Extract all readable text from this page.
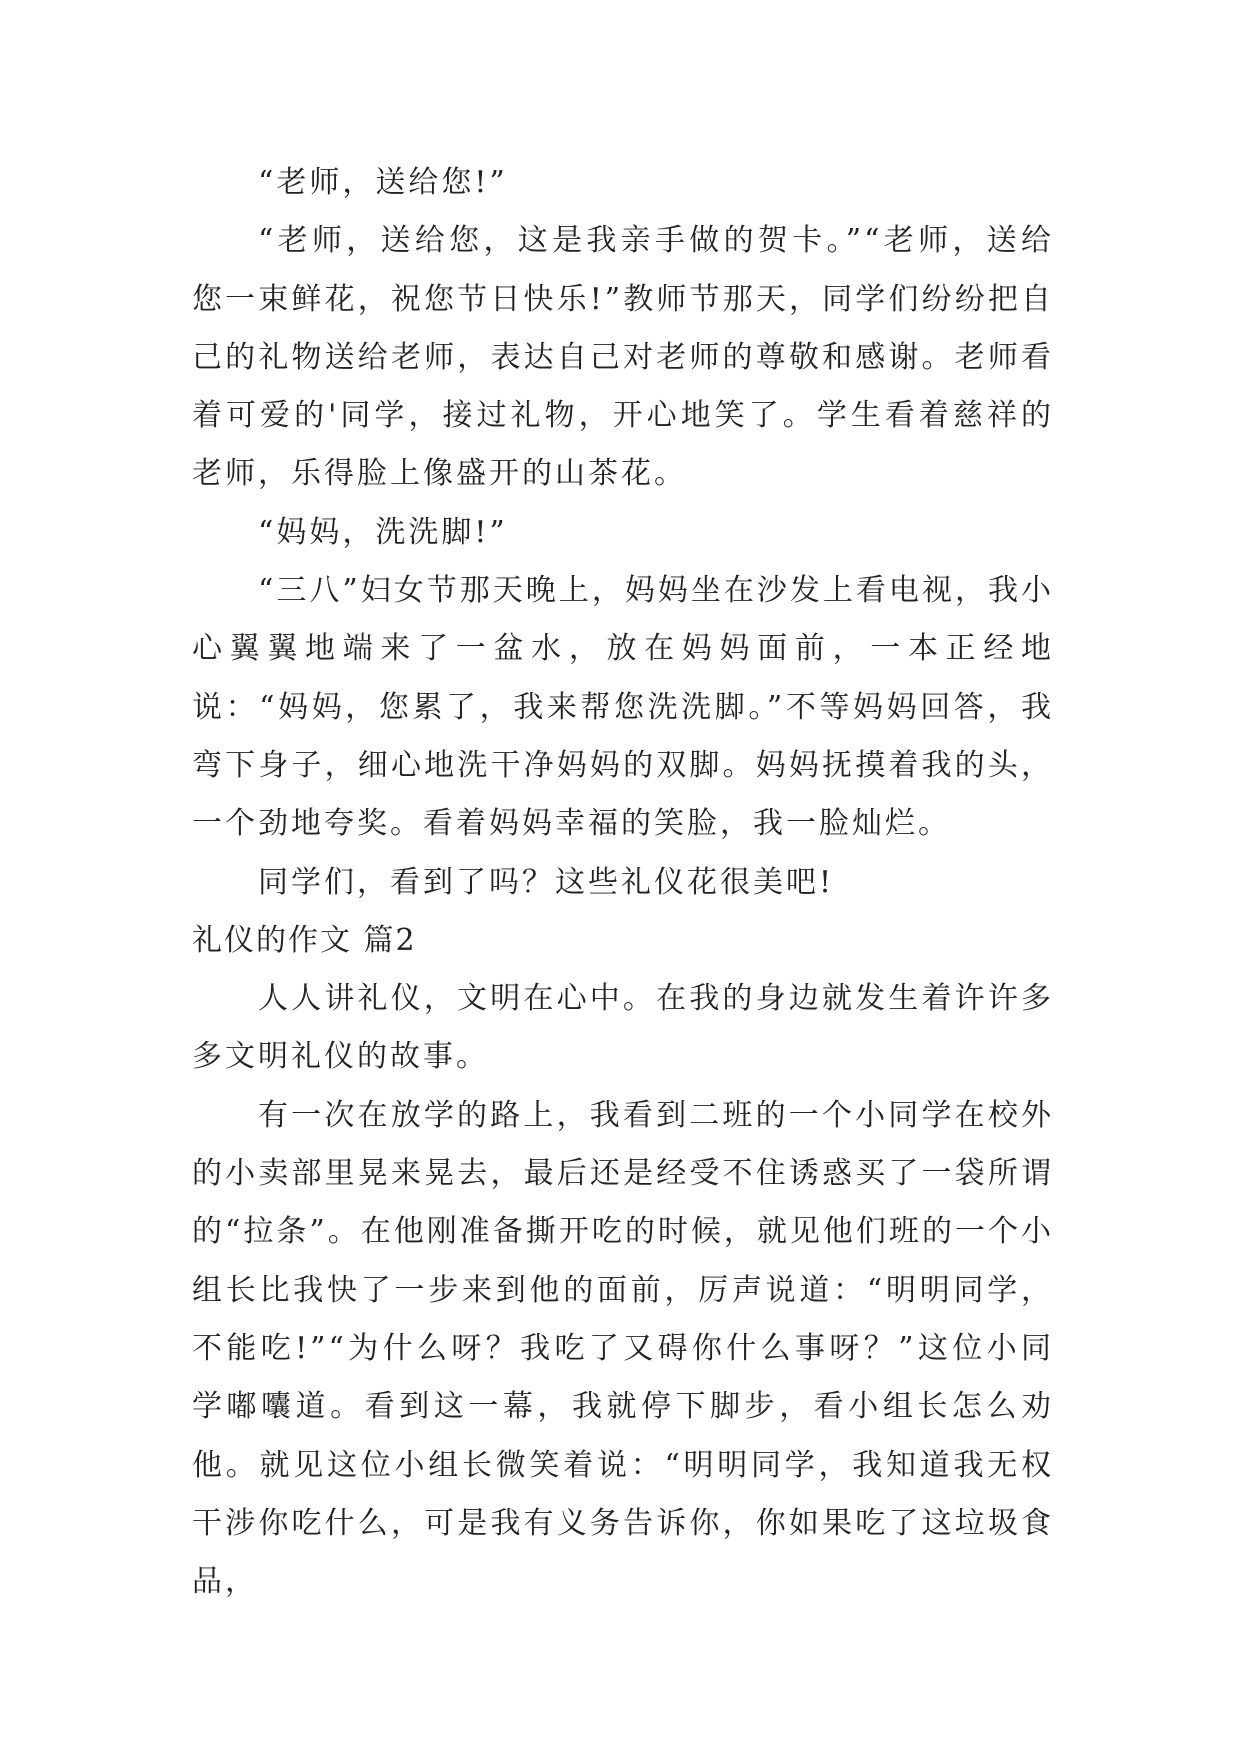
“老师，送给您!”

“老师，送给您，这是我亲手做的贺卡。”“老师，送给您一束鲜花，祝您节日快乐!”教师节那天，同学们纷纷把自己的礼物送给老师，表达自己对老师的尊敬和感谢。老师看着可爱的'同学，接过礼物，开心地笑了。学生看着慈祥的老师，乐得脸上像盛开的山茶花。

“妈妈，洗洗脚!”

“三八”妇女节那天晚上，妈妈坐在沙发上看电视，我小心翼翼地端来了一盆水，放在妈妈面前，一本正经地说：“妈妈，您累了，我来帮您洗洗脚。”不等妈妈回答，我弯下身子，细心地洗干净妈妈的双脚。妈妈抚摸着我的头，一个劲地夸奖。看着妈妈幸福的笑脸，我一脸灿烂。

同学们，看到了吗？这些礼仪花很美吧!

礼仪的作文 篇2

人人讲礼仪，文明在心中。在我的身边就发生着许许多多文明礼仪的故事。

有一次在放学的路上，我看到二班的一个小同学在校外的小卖部里晃来晃去，最后还是经受不住诱惑买了一袋所谓的“拉条”。在他刚准备撕开吃的时候，就见他们班的一个小组长比我快了一步来到他的面前，厉声说道：“明明同学，不能吃!”“为什么呀？我吃了又碍你什么事呀？”这位小同学嘟囔道。看到这一幕，我就停下脚步，看小组长怎么劝他。就见这位小组长微笑着说：“明明同学，我知道我无权干涉你吃什么，可是我有义务告诉你，你如果吃了这垃圾食品，
